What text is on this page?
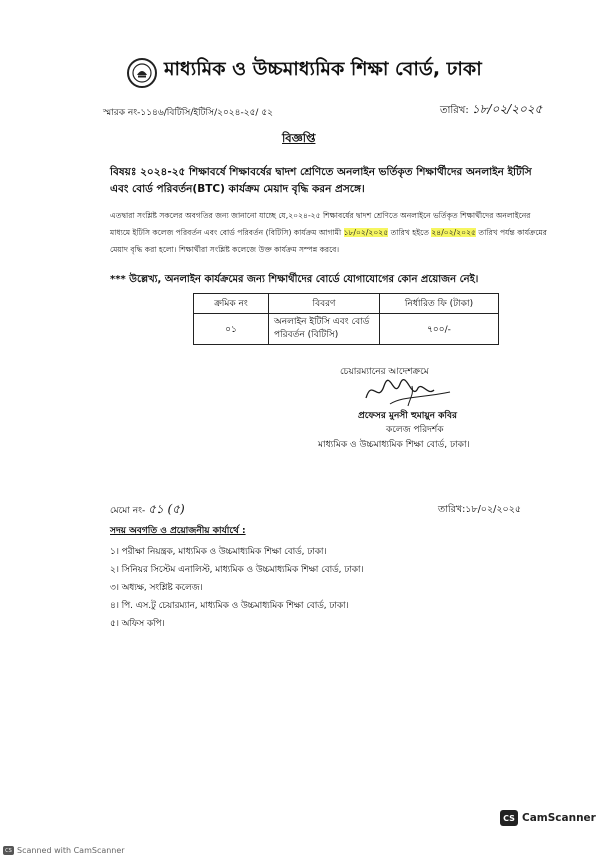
মাধ্যমিক ও উচ্চমাধ্যমিক শিক্ষা বোর্ড, ঢাকা
স্মারক নং-১১৪৬/বিটিসি/ইটিসি/২০২৪-২৫/ ৫২	তারিখ: ১৮/০২/২০২৫
বিজ্ঞপ্তি
বিষয়ঃ ২০২৪-২৫ শিক্ষাবর্ষে শিক্ষাবর্ষের দ্বাদশ শ্রেণিতে অনলাইন ভর্তিকৃত শিক্ষার্থীদের অনলাইন ইটিসি এবং বোর্ড পরিবর্তন(BTC) কার্যক্রম মেয়াদ বৃদ্ধি করন প্রসঙ্গে।
এতদ্বারা সংশ্লিষ্ট সকলের অবগতির জন্য জানানো যাচ্ছে যে,২০২৪-২৫ শিক্ষাবর্ষের দ্বাদশ শ্রেণিতে অনলাইনে ভর্তিকৃত শিক্ষার্থীদের অনলাইনের মাধ্যমে ইটিসি কলেজ পরিবর্তন এবং বোর্ড পরিবর্তন (বিটিসি) কার্যক্রম আগামী ১৮/০২/২০২৫ তারিখ হইতে ২৪/০২/২০২৫ তারিখ পর্যন্ত কার্যক্রমের মেয়াদ বৃদ্ধি করা হলো। শিক্ষার্থীরা সংশ্লিষ্ট কলেজে উক্ত কার্যক্রম সম্পন্ন করবে।
*** উল্লেখ্য, অনলাইন কার্যক্রমের জন্য শিক্ষার্থীদের বোর্ডে যোগাযোগের কোন প্রয়োজন নেই।
ক্রমিক নং	বিবরণ	নির্ধারিত ফি (টাকা)
০১	অনলাইন ইটিসি এবং বোর্ড পরিবর্তন (বিটিসি)	৭০০/-
চেয়ারম্যানের আদেশক্রমে
প্রফেসর মুনসী হুমায়ুন কবির
কলেজ পরিদর্শক
মাধ্যমিক ও উচ্চমাধ্যমিক শিক্ষা বোর্ড, ঢাকা।
মেমো নং- ৫১ (৫)	তারিখ:১৮/০২/২০২৫
সদয় অবগতি ও প্রয়োজনীয় কার্যার্থে :
১। পরীক্ষা নিয়ন্ত্রক, মাধ্যমিক ও উচ্চমাধ্যমিক শিক্ষা বোর্ড, ঢাকা।
২। সিনিয়র সিস্টেম এনালিস্ট, মাধ্যমিক ও উচ্চমাধ্যমিক শিক্ষা বোর্ড, ঢাকা।
৩। অধ্যক্ষ, সংশ্লিষ্ট কলেজ।
৪। পি. এস.টু চেয়ারম্যান, মাধ্যমিক ও উচ্চমাধ্যমিক শিক্ষা বোর্ড, ঢাকা।
৫। অফিস কপি।
CS CamScanner
CS Scanned with CamScanner
